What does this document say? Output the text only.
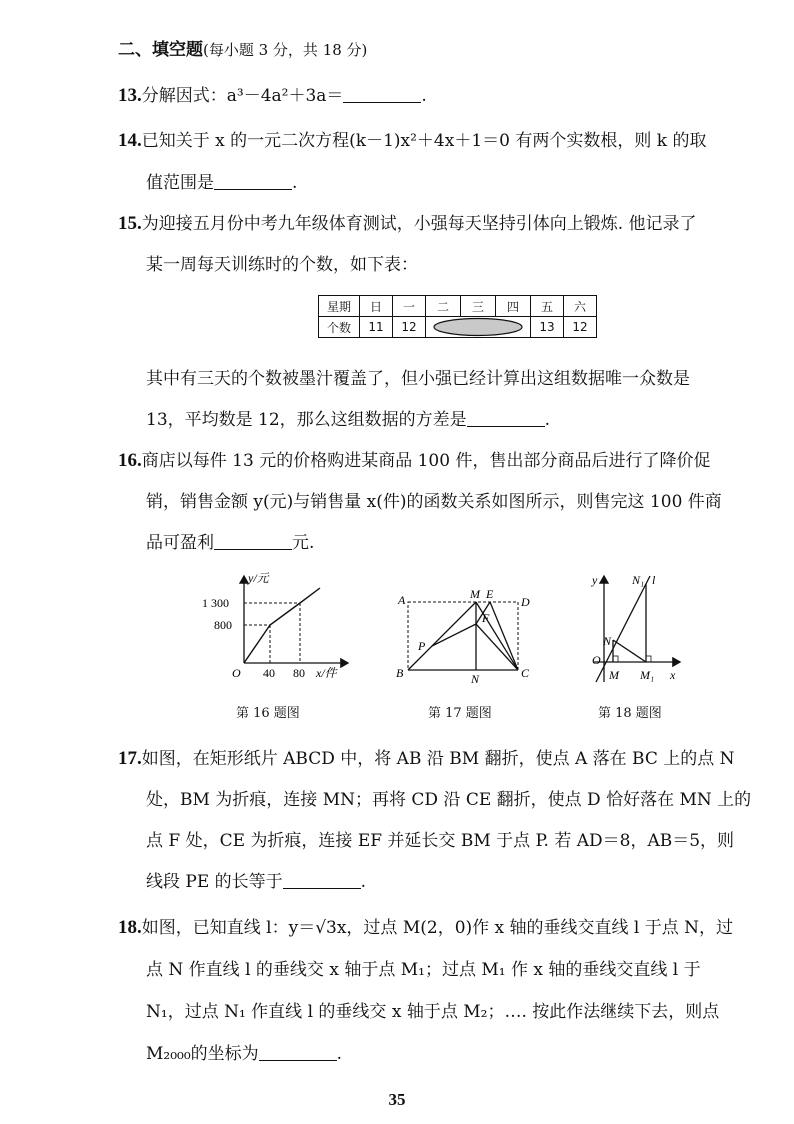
二、填空题(每小题 3 分，共 18 分)
13.分解因式：a³－4a²＋3a＝	.
14.已知关于 x 的一元二次方程(k－1)x²＋4x＋1＝0 有两个实数根，则 k 的取
值范围是	.
15.为迎接五月份中考九年级体育测试，小强每天坚持引体向上锻炼. 他记录了
某一周每天训练时的个数，如下表：
星期	日	一	二	三	四	五	六
个数	11	12				13	12
其中有三天的个数被墨汁覆盖了，但小强已经计算出这组数据唯一众数是
13，平均数是 12，那么这组数据的方差是	.
16.商店以每件 13 元的价格购进某商品 100 件，售出部分商品后进行了降价促
销，销售金额 y(元)与销售量 x(件)的函数关系如图所示，则售完这 100 件商
品可盈利	元.
y/元
1 300
800
O 40 80 x/件
第 16 题图
A	M E
D
F
P
B	N	C
第 17 题图
y	N₁ l
N
O
M M₁ x
第 18 题图
17.如图，在矩形纸片 ABCD 中，将 AB 沿 BM 翻折，使点 A 落在 BC 上的点 N
处，BM 为折痕，连接 MN；再将 CD 沿 CE 翻折，使点 D 恰好落在 MN 上的
点 F 处，CE 为折痕，连接 EF 并延长交 BM 于点 P. 若 AD＝8，AB＝5，则
线段 PE 的长等于	.
18.如图，已知直线 l：y＝√3x，过点 M(2，0)作 x 轴的垂线交直线 l 于点 N，过
点 N 作直线 l 的垂线交 x 轴于点 M₁；过点 M₁ 作 x 轴的垂线交直线 l 于
N₁，过点 N₁ 作直线 l 的垂线交 x 轴于点 M₂；…. 按此作法继续下去，则点
M₂₀₀₀的坐标为	.
35
